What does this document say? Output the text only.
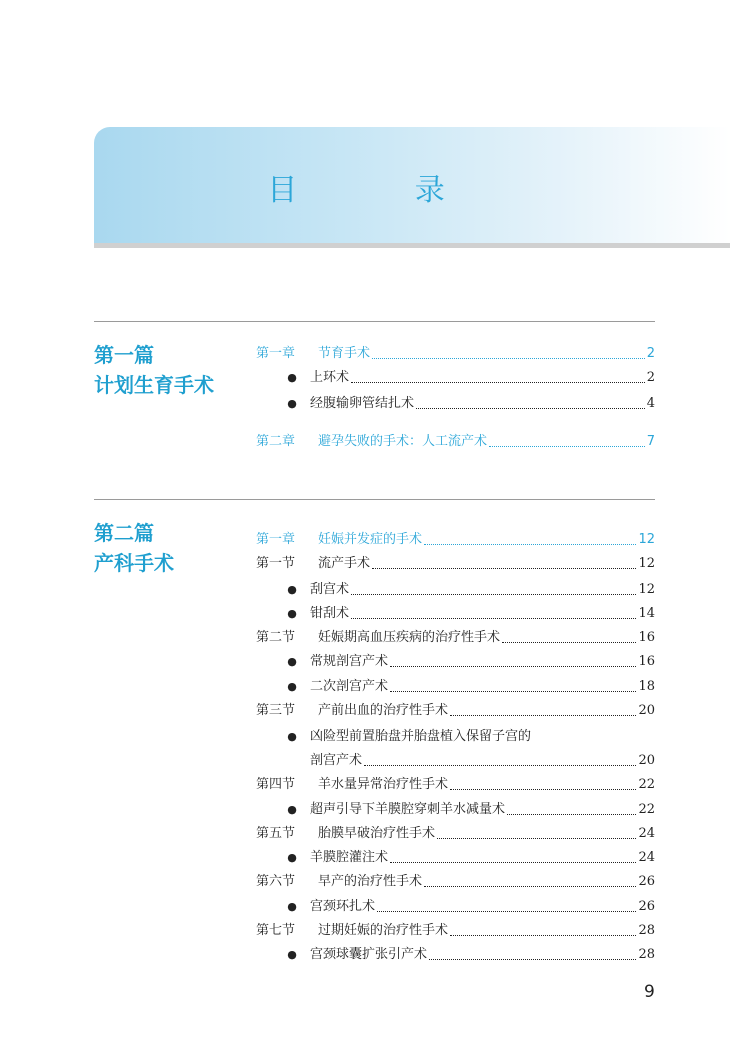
目 录
第一篇
计划生育手术
第一章	节育手术	2
●	上环术	2
●	经腹输卵管结扎术	4
第二章	避孕失败的手术：人工流产术	7
第二篇
产科手术
第一章	妊娠并发症的手术	12
第一节	流产手术	12
●	刮宫术	12
●	钳刮术	14
第二节	妊娠期高血压疾病的治疗性手术	16
●	常规剖宫产术	16
●	二次剖宫产术	18
第三节	产前出血的治疗性手术	20
●	凶险型前置胎盘并胎盘植入保留子宫的
剖宫产术	20
第四节	羊水量异常治疗性手术	22
●	超声引导下羊膜腔穿刺羊水减量术	22
第五节	胎膜早破治疗性手术	24
●	羊膜腔灌注术	24
第六节	早产的治疗性手术	26
●	宫颈环扎术	26
第七节	过期妊娠的治疗性手术	28
●	宫颈球囊扩张引产术	28
9
